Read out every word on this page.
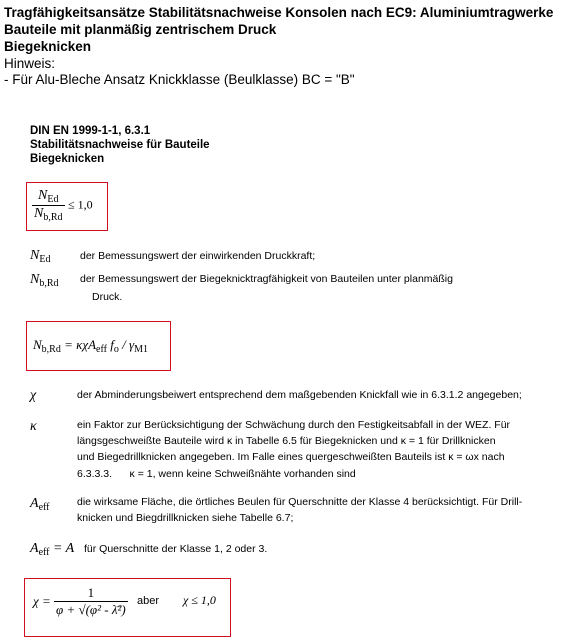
Tragfähigkeitsansätze Stabilitätsnachweise Konsolen nach EC9: Aluminiumtragwerke
Bauteile mit planmäßig zentrischem Druck
Biegeknicken
Hinweis:
- Für Alu-Bleche Ansatz Knickklasse (Beulklasse) BC = "B"
DIN EN 1999-1-1, 6.3.1
Stabilitätsnachweise für Bauteile
Biegeknicken
$\frac{N_{Ed}}{N_{b,Rd}} \le 1,0$
$N_{Ed}$	der Bemessungswert der einwirkenden Druckkraft;
$N_{b,Rd}$ der Bemessungswert der Biegeknicktragfähigkeit von Bauteilen unter planmäßig
Druck.
$N_{b,Rd} = \kappa\chi A_{eff}$ $f_o / \gamma_{M1}$
χ	der Abminderungsbeiwert entsprechend dem maßgebenden Knickfall wie in 6.3.1.2 angegeben;
κ	ein Faktor zur Berücksichtigung der Schwächung durch den Festigkeitsabfall in der WEZ. Für
längsgeschweißte Bauteile wird κ in Tabelle 6.5 für Biegeknicken und κ = 1 für Drillknicken
und Biegedrillknicken angegeben. Im Falle eines quergeschweißten Bauteils ist κ = ωx nach
6.3.3.3.      κ = 1, wenn keine Schweißnähte vorhanden sind
$A_{eff}$	die wirksame Fläche, die örtliches Beulen für Querschnitte der Klasse 4 berücksichtigt. Für Drill-
knicken und Biegdrillknicken siehe Tabelle 6.7;
$A_{eff} = A$ für Querschnitte der Klasse 1, 2 oder 3.
$\chi = \frac{1}{\text{φ + √(φ² - λ̄²)}}$ aber χ ≤ 1,0
